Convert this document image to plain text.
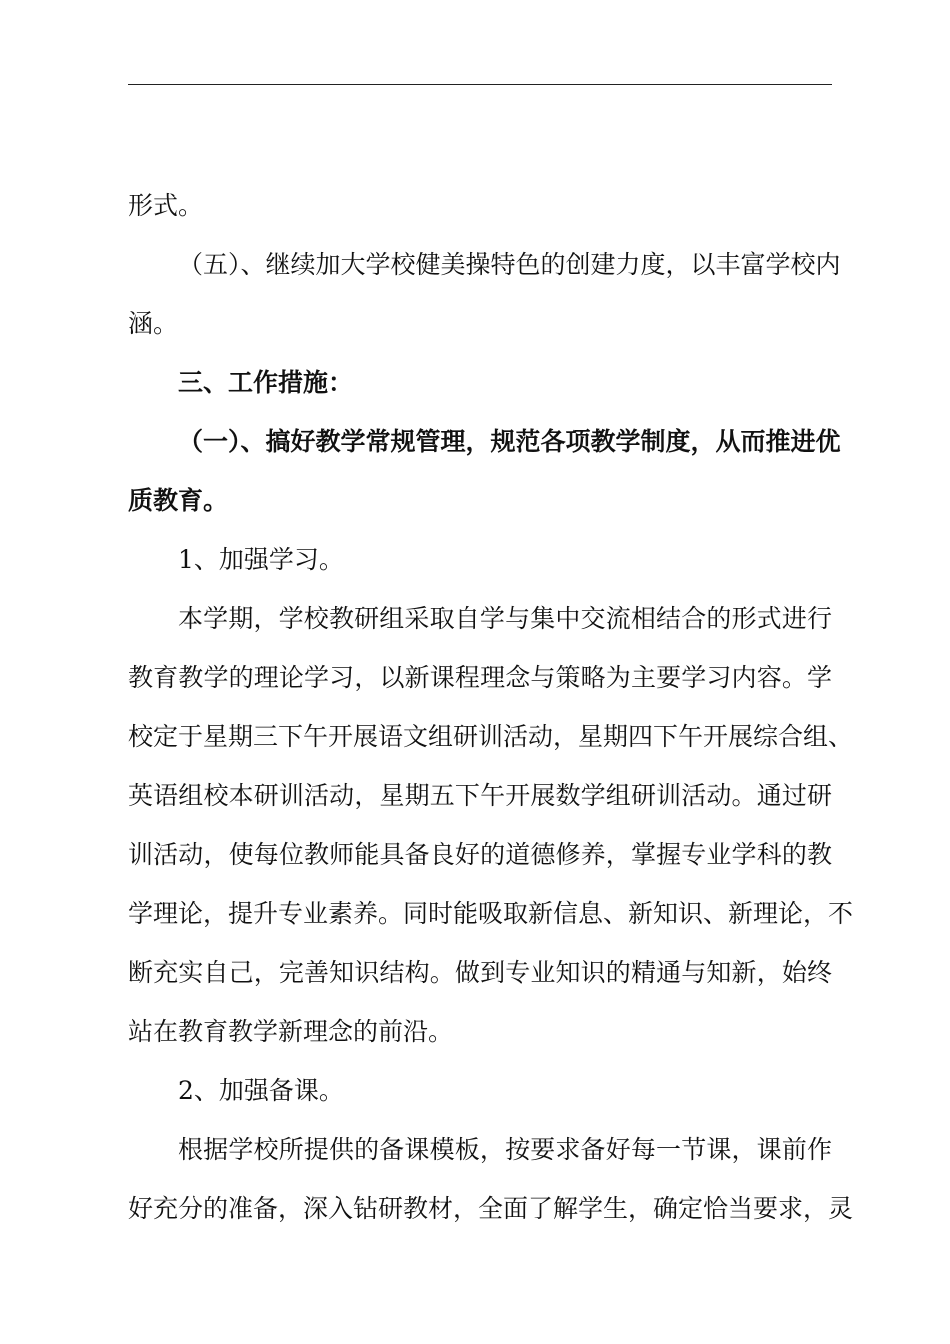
形式。
（五）、继续加大学校健美操特色的创建力度，以丰富学校内
涵。
三、工作措施：
（一）、搞好教学常规管理，规范各项教学制度，从而推进优
质教育。
1、加强学习。
本学期，学校教研组采取自学与集中交流相结合的形式进行
教育教学的理论学习，以新课程理念与策略为主要学习内容。学
校定于星期三下午开展语文组研训活动，星期四下午开展综合组、
英语组校本研训活动，星期五下午开展数学组研训活动。通过研
训活动，使每位教师能具备良好的道德修养，掌握专业学科的教
学理论，提升专业素养。同时能吸取新信息、新知识、新理论，不
断充实自己，完善知识结构。做到专业知识的精通与知新，始终
站在教育教学新理念的前沿。
2、加强备课。
根据学校所提供的备课模板，按要求备好每一节课，课前作
好充分的准备，深入钻研教材，全面了解学生，确定恰当要求，灵
